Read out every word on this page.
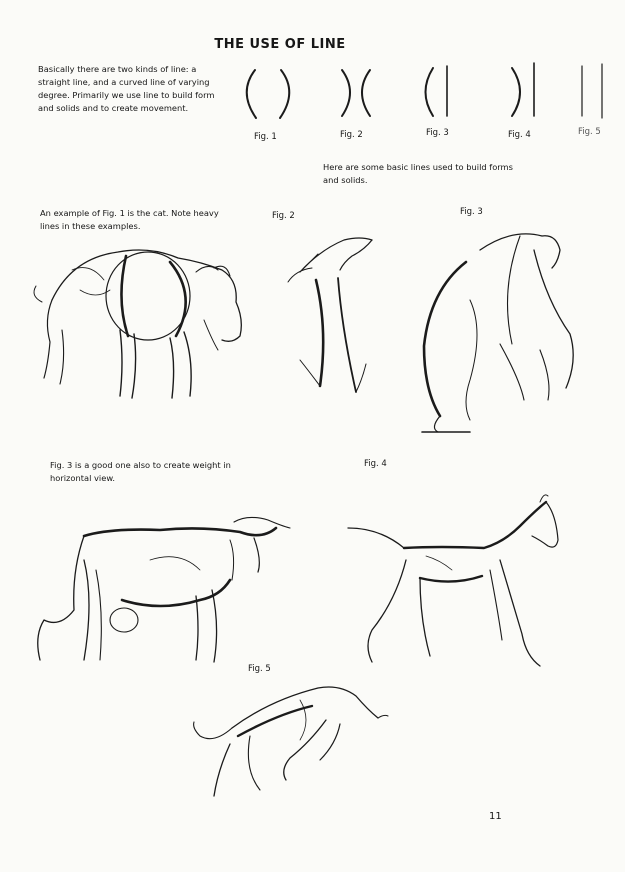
THE USE OF LINE
Basically there are two kinds of line: a straight line, and a curved line of varying degree. Primarily we use line to build form and solids and to create movement.
Here are some basic lines used to build forms and solids.
An example of Fig. 1 is the cat. Note heavy lines in these examples.
Fig. 3 is a good one also to create weight in horizontal view.
11
Fig. 1	Fig. 2	Fig. 3	Fig. 4	Fig. 5
Fig. 2	Fig. 3
Fig. 4
Fig. 5
